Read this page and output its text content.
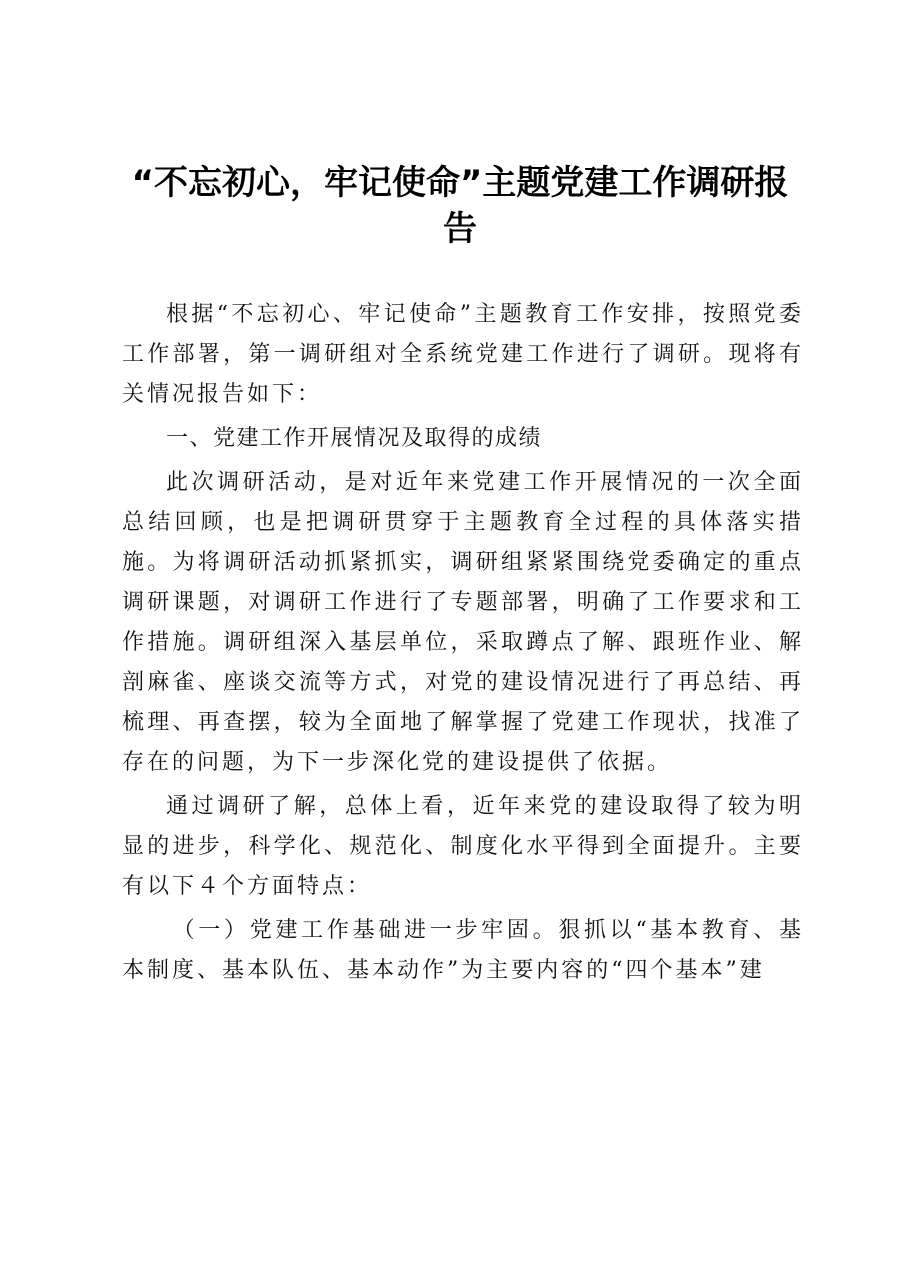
“不忘初心，牢记使命”主题党建工作调研报告

根据“不忘初心、牢记使命”主题教育工作安排，按照党委工作部署，第一调研组对全系统党建工作进行了调研。现将有关情况报告如下：

一、党建工作开展情况及取得的成绩

此次调研活动，是对近年来党建工作开展情况的一次全面总结回顾，也是把调研贯穿于主题教育全过程的具体落实措施。为将调研活动抓紧抓实，调研组紧紧围绕党委确定的重点调研课题，对调研工作进行了专题部署，明确了工作要求和工作措施。调研组深入基层单位，采取蹲点了解、跟班作业、解剖麻雀、座谈交流等方式，对党的建设情况进行了再总结、再梳理、再查摆，较为全面地了解掌握了党建工作现状，找准了存在的问题，为下一步深化党的建设提供了依据。

通过调研了解，总体上看，近年来党的建设取得了较为明显的进步，科学化、规范化、制度化水平得到全面提升。主要有以下４个方面特点：

（一）党建工作基础进一步牢固。狠抓以“基本教育、基本制度、基本队伍、基本动作”为主要内容的“四个基本”建
